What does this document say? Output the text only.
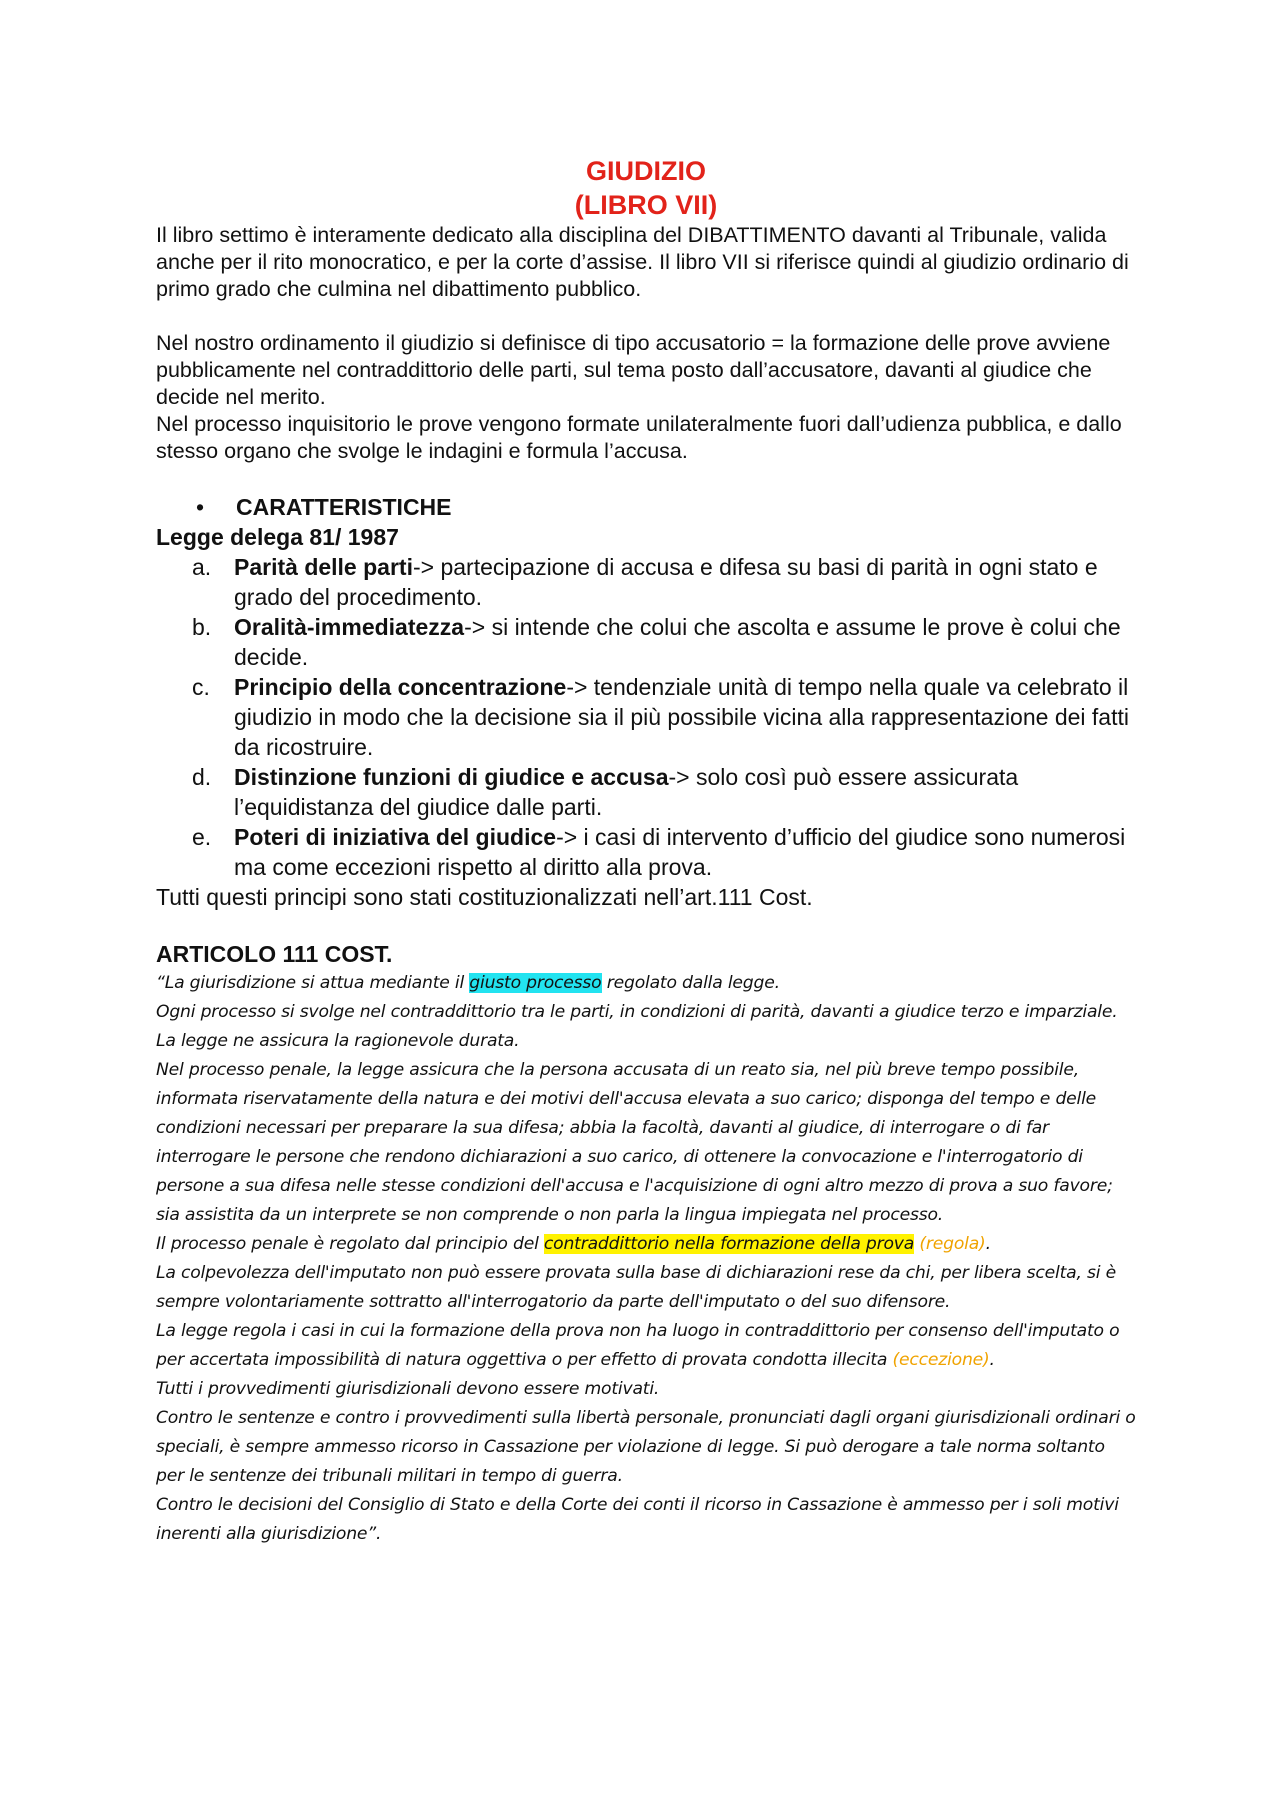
GIUDIZIO

(LIBRO VII)

Il libro settimo è interamente dedicato alla disciplina del DIBATTIMENTO davanti al Tribunale, valida anche per il rito monocratico, e per la corte d’assise. Il libro VII si riferisce quindi al giudizio ordinario di primo grado che culmina nel dibattimento pubblico.

Nel nostro ordinamento il giudizio si definisce di tipo accusatorio = la formazione delle prove avviene pubblicamente nel contraddittorio delle parti, sul tema posto dall’accusatore, davanti al giudice che decide nel merito.

Nel processo inquisitorio le prove vengono formate unilateralmente fuori dall’udienza pubblica, e dallo stesso organo che svolge le indagini e formula l’accusa.

• CARATTERISTICHE

Legge delega 81/ 1987

a. Parità delle parti-> partecipazione di accusa e difesa su basi di parità in ogni stato e grado del procedimento.
b. Oralità-immediatezza-> si intende che colui che ascolta e assume le prove è colui che decide.
c. Principio della concentrazione-> tendenziale unità di tempo nella quale va celebrato il giudizio in modo che la decisione sia il più possibile vicina alla rappresentazione dei fatti da ricostruire.
d. Distinzione funzioni di giudice e accusa-> solo così può essere assicurata l’equidistanza del giudice dalle parti.
e. Poteri di iniziativa del giudice-> i casi di intervento d’ufficio del giudice sono numerosi ma come eccezioni rispetto al diritto alla prova.

Tutti questi principi sono stati costituzionalizzati nell’art.111 Cost.

ARTICOLO 111 COST.

“La giurisdizione si attua mediante il giusto processo regolato dalla legge.

Ogni processo si svolge nel contraddittorio tra le parti, in condizioni di parità, davanti a giudice terzo e imparziale. La legge ne assicura la ragionevole durata.

Nel processo penale, la legge assicura che la persona accusata di un reato sia, nel più breve tempo possibile, informata riservatamente della natura e dei motivi dell'accusa elevata a suo carico; disponga del tempo e delle condizioni necessari per preparare la sua difesa; abbia la facoltà, davanti al giudice, di interrogare o di far interrogare le persone che rendono dichiarazioni a suo carico, di ottenere la convocazione e l'interrogatorio di persone a sua difesa nelle stesse condizioni dell'accusa e l'acquisizione di ogni altro mezzo di prova a suo favore; sia assistita da un interprete se non comprende o non parla la lingua impiegata nel processo.

Il processo penale è regolato dal principio del contraddittorio nella formazione della prova (regola).

La colpevolezza dell'imputato non può essere provata sulla base di dichiarazioni rese da chi, per libera scelta, si è sempre volontariamente sottratto all'interrogatorio da parte dell'imputato o del suo difensore.

La legge regola i casi in cui la formazione della prova non ha luogo in contraddittorio per consenso dell'imputato o per accertata impossibilità di natura oggettiva o per effetto di provata condotta illecita (eccezione).

Tutti i provvedimenti giurisdizionali devono essere motivati.

Contro le sentenze e contro i provvedimenti sulla libertà personale, pronunciati dagli organi giurisdizionali ordinari o speciali, è sempre ammesso ricorso in Cassazione per violazione di legge. Si può derogare a tale norma soltanto per le sentenze dei tribunali militari in tempo di guerra.

Contro le decisioni del Consiglio di Stato e della Corte dei conti il ricorso in Cassazione è ammesso per i soli motivi inerenti alla giurisdizione”.
